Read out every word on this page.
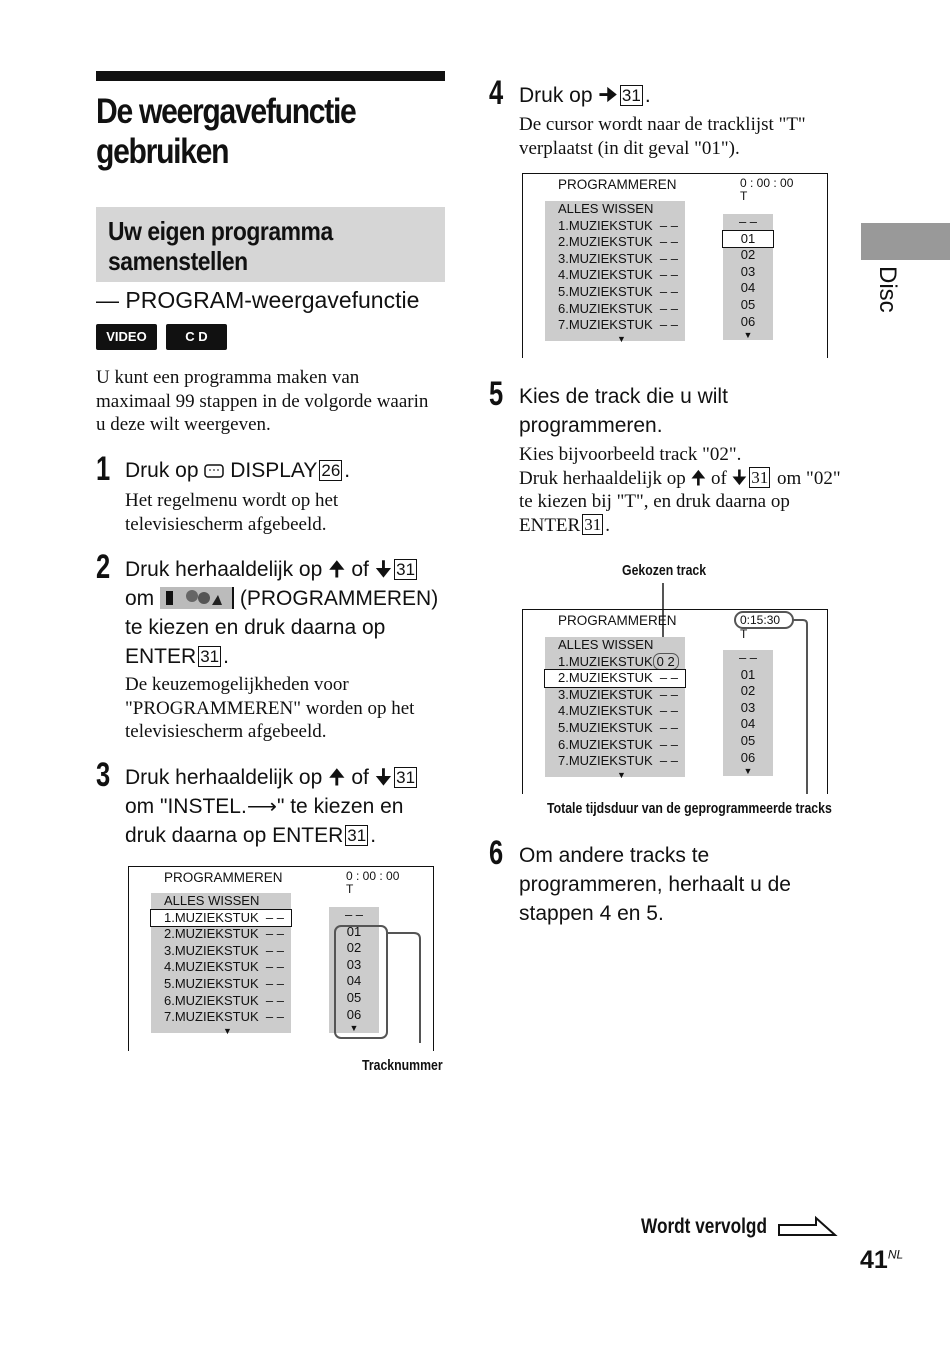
De weergavefunctie
gebruiken
Uw eigen programma
samenstellen
— PROGRAM-weergavefunctie
VIDEO CD
C D
U kunt een programma maken van maximaal 99 stappen in de volgorde waarin u deze wilt weergeven.
1 Druk op DISPLAY 26 .
Het regelmenu wordt op het televisiescherm afgebeeld.
2 Druk herhaaldelijk op 🠉 of 🠋 31
om	(PROGRAMMEREN)
te kiezen en druk daarna op
ENTER 31 .
De keuzemogelijkheden voor "PROGRAMMEREN" worden op het televisiescherm afgebeeld.
3 Druk herhaaldelijk op 🠉 of 🠋 31
om "INSTEL.⟶" te kiezen en
druk daarna op ENTER 31 .
PROGRAMMEREN	0 : 00 : 00
T
ALLES WISSEN
1.MUZIEKSTUK – –
2.MUZIEKSTUK – –
3.MUZIEKSTUK – –
4.MUZIEKSTUK – –
5.MUZIEKSTUK – –
6.MUZIEKSTUK – –
7.MUZIEKSTUK – –
▼
– –
01
02
03
04
05
06
▼
Tracknummer
4 Druk op 🠊 31 .
De cursor wordt naar de tracklijst "T" verplaatst (in dit geval "01").
PROGRAMMEREN	0 : 00 : 00
T
ALLES WISSEN
1.MUZIEKSTUK – –
2.MUZIEKSTUK – –
3.MUZIEKSTUK – –
4.MUZIEKSTUK – –
5.MUZIEKSTUK – –
6.MUZIEKSTUK – –
7.MUZIEKSTUK – –
▼
– –
01
02
03
04
05
06
▼
5 Kies de track die u wilt programmeren.
Kies bijvoorbeeld track "02".
Druk herhaaldelijk op 🠉 of 🠋 31 om "02" te kiezen bij "T", en druk daarna op ENTER 31 .
Gekozen track
PROGRAMMEREN	0:15:30
T
ALLES WISSEN
1.MUZIEKSTUK 0 2
2.MUZIEKSTUK – –
3.MUZIEKSTUK – –
4.MUZIEKSTUK – –
5.MUZIEKSTUK – –
6.MUZIEKSTUK – –
7.MUZIEKSTUK – –
▼
– –
01
02
03
04
05
06
▼
Totale tijdsduur van de geprogrammeerde tracks
6 Om andere tracks te programmeren, herhaalt u de stappen 4 en 5.
Disc
Wordt vervolgd
$41^{NL}$
